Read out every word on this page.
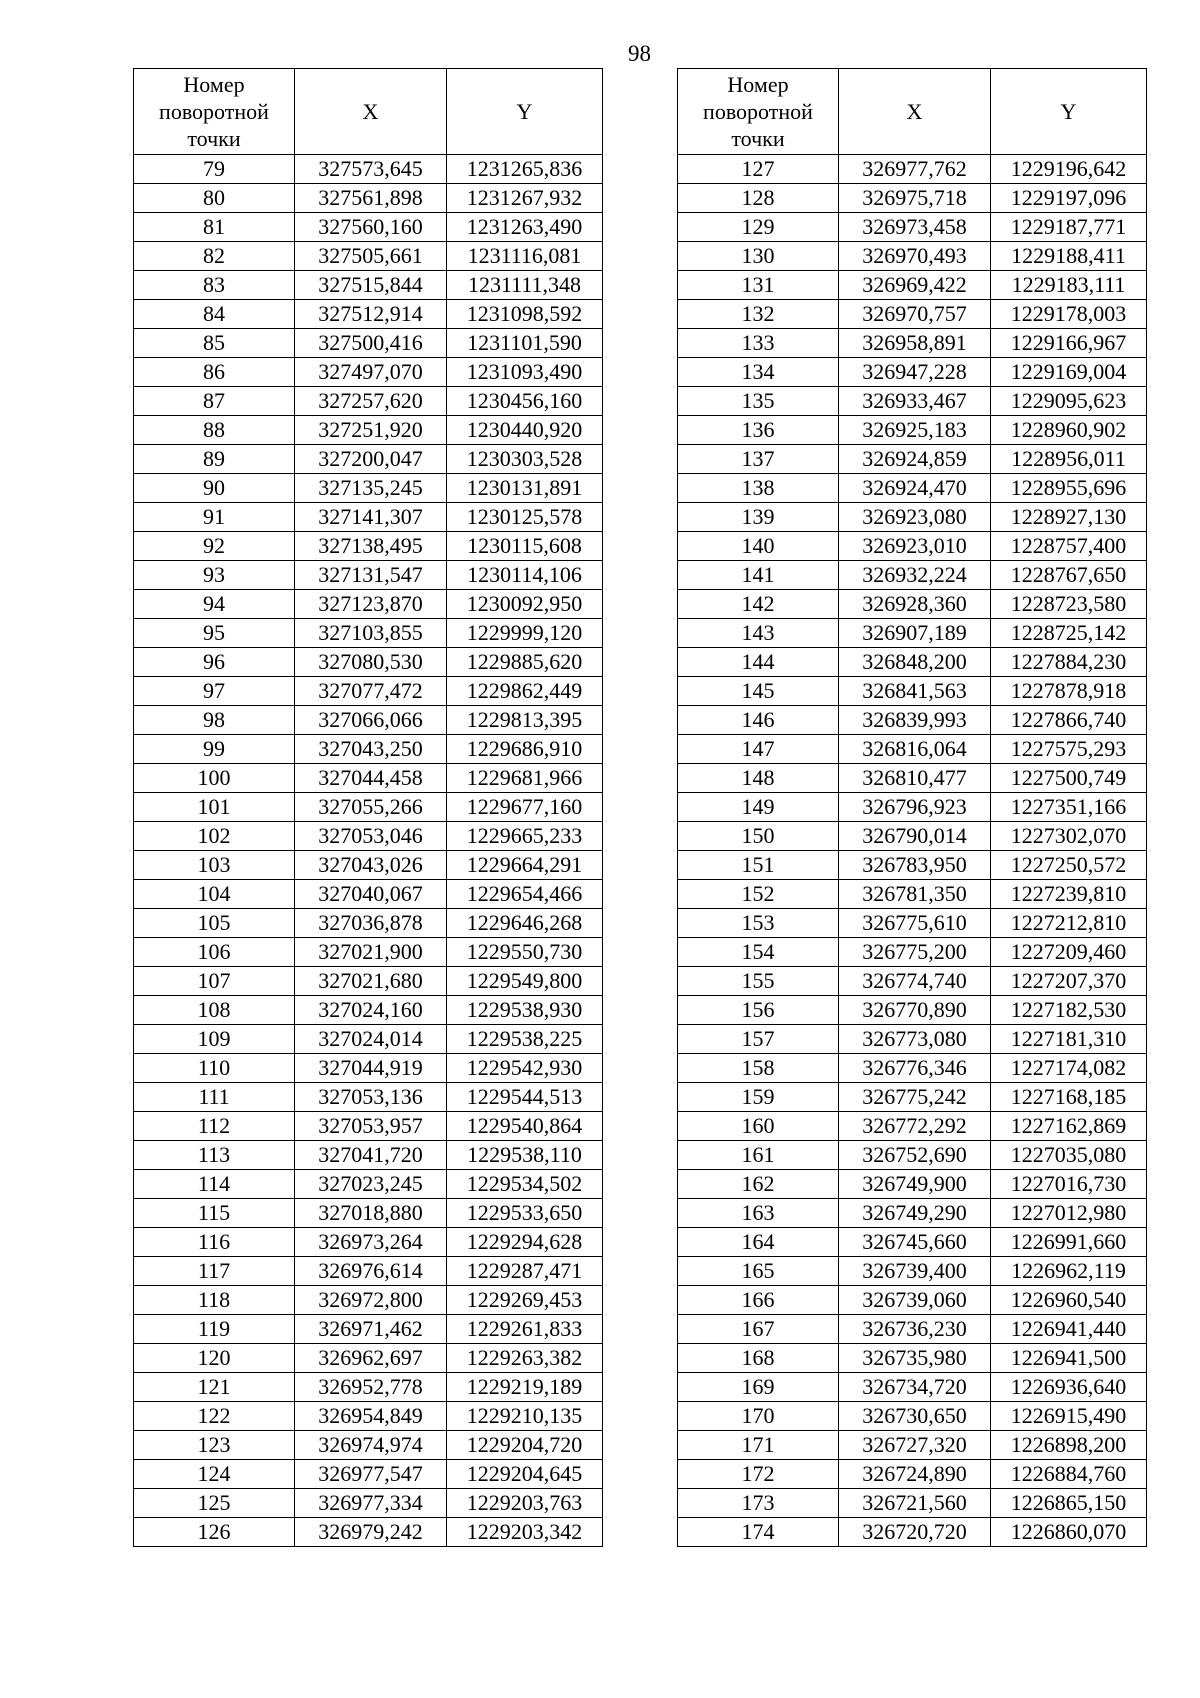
98
Номер поворотной точки	X	Y
79	327573,645	1231265,836
80	327561,898	1231267,932
81	327560,160	1231263,490
82	327505,661	1231116,081
83	327515,844	1231111,348
84	327512,914	1231098,592
85	327500,416	1231101,590
86	327497,070	1231093,490
87	327257,620	1230456,160
88	327251,920	1230440,920
89	327200,047	1230303,528
90	327135,245	1230131,891
91	327141,307	1230125,578
92	327138,495	1230115,608
93	327131,547	1230114,106
94	327123,870	1230092,950
95	327103,855	1229999,120
96	327080,530	1229885,620
97	327077,472	1229862,449
98	327066,066	1229813,395
99	327043,250	1229686,910
100	327044,458	1229681,966
101	327055,266	1229677,160
102	327053,046	1229665,233
103	327043,026	1229664,291
104	327040,067	1229654,466
105	327036,878	1229646,268
106	327021,900	1229550,730
107	327021,680	1229549,800
108	327024,160	1229538,930
109	327024,014	1229538,225
110	327044,919	1229542,930
111	327053,136	1229544,513
112	327053,957	1229540,864
113	327041,720	1229538,110
114	327023,245	1229534,502
115	327018,880	1229533,650
116	326973,264	1229294,628
117	326976,614	1229287,471
118	326972,800	1229269,453
119	326971,462	1229261,833
120	326962,697	1229263,382
121	326952,778	1229219,189
122	326954,849	1229210,135
123	326974,974	1229204,720
124	326977,547	1229204,645
125	326977,334	1229203,763
126	326979,242	1229203,342
Номер поворотной точки	X	Y
127	326977,762	1229196,642
128	326975,718	1229197,096
129	326973,458	1229187,771
130	326970,493	1229188,411
131	326969,422	1229183,111
132	326970,757	1229178,003
133	326958,891	1229166,967
134	326947,228	1229169,004
135	326933,467	1229095,623
136	326925,183	1228960,902
137	326924,859	1228956,011
138	326924,470	1228955,696
139	326923,080	1228927,130
140	326923,010	1228757,400
141	326932,224	1228767,650
142	326928,360	1228723,580
143	326907,189	1228725,142
144	326848,200	1227884,230
145	326841,563	1227878,918
146	326839,993	1227866,740
147	326816,064	1227575,293
148	326810,477	1227500,749
149	326796,923	1227351,166
150	326790,014	1227302,070
151	326783,950	1227250,572
152	326781,350	1227239,810
153	326775,610	1227212,810
154	326775,200	1227209,460
155	326774,740	1227207,370
156	326770,890	1227182,530
157	326773,080	1227181,310
158	326776,346	1227174,082
159	326775,242	1227168,185
160	326772,292	1227162,869
161	326752,690	1227035,080
162	326749,900	1227016,730
163	326749,290	1227012,980
164	326745,660	1226991,660
165	326739,400	1226962,119
166	326739,060	1226960,540
167	326736,230	1226941,440
168	326735,980	1226941,500
169	326734,720	1226936,640
170	326730,650	1226915,490
171	326727,320	1226898,200
172	326724,890	1226884,760
173	326721,560	1226865,150
174	326720,720	1226860,070
